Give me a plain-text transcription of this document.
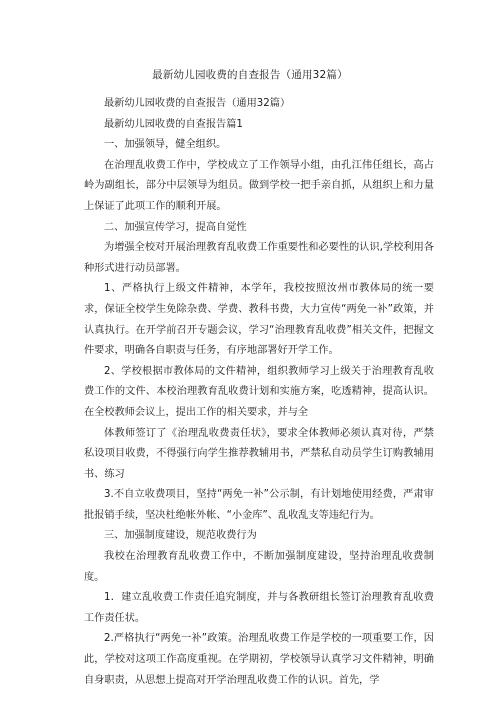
最新幼儿园收费的自查报告（通用32篇）

最新幼儿园收费的自查报告（通用32篇）

最新幼儿园收费的自查报告篇1

一、加强领导，健全组织。

在治理乱收费工作中，学校成立了工作领导小组，由孔江伟任组长，高占岭为副组长，部分中层领导为组员。做到学校一把手亲自抓，从组织上和力量上保证了此项工作的顺利开展。

二、加强宣传学习，提高自觉性

为增强全校对开展治理教育乱收费工作重要性和必要性的认识,学校利用各种形式进行动员部署。

1、严格执行上级文件精神，本学年，我校按照汝州市教体局的统一要求，保证全校学生免除杂费、学费、教科书费，大力宣传“两免一补”政策，并认真执行。在开学前召开专题会议，学习“治理教育乱收费”相关文件，把握文件要求，明确各自职责与任务，有序地部署好开学工作。

2、学校根据市教体局的文件精神，组织教师学习上级关于治理教育乱收费工作的文件、本校治理教育乱收费计划和实施方案，吃透精神，提高认识。在全校教师会议上，提出工作的相关要求，并与全

体教师签订了《治理乱收费责任状》，要求全体教师必须认真对待，严禁私设项目收费，不得强行向学生推荐教辅用书，严禁私自动员学生订购教辅用书、练习

3.不自立收费项目，坚持“两免一补”公示制，有计划地使用经费，严肃审批报销手续，坚决杜绝帐外帐、“小金库”、乱收乱支等违纪行为。

三、加强制度建设，规范收费行为

我校在治理教育乱收费工作中，不断加强制度建设，坚持治理乱收费制度。

1．建立乱收费工作责任追究制度，并与各教研组长签订治理教育乱收费工作责任状。

2.严格执行“两免一补”政策。治理乱收费工作是学校的一项重要工作，因此，学校对这项工作高度重视。在学期初，学校领导认真学习文件精神，明确自身职责，从思想上提高对开学治理乱收费工作的认识。首先，学
